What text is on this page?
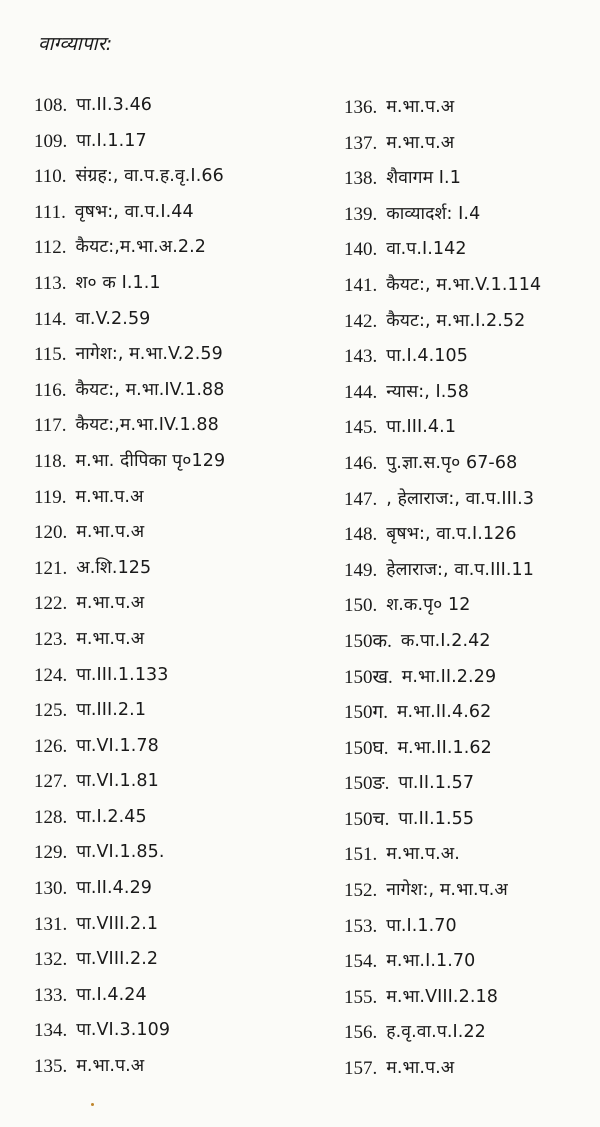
वाग्व्यापार:
108. पा.II.3.46
109. पा.I.1.17
110. संग्रह:, वा.प.ह.वृ.I.66
111. वृषभ:, वा.प.I.44
112. कैयट:,म.भा.अ.2.2
113. श० क I.1.1
114. वा.V.2.59
115. नागेश:, म.भा.V.2.59
116. कैयट:, म.भा.IV.1.88
117. कैयट:,म.भा.IV.1.88
118. म.भा. दीपिका पृ०129
119. म.भा.प.अ
120. म.भा.प.अ
121. अ.शि.125
122. म.भा.प.अ
123. म.भा.प.अ
124. पा.III.1.133
125. पा.III.2.1
126. पा.VI.1.78
127. पा.VI.1.81
128. पा.I.2.45
129. पा.VI.1.85.
130. पा.II.4.29
131. पा.VIII.2.1
132. पा.VIII.2.2
133. पा.I.4.24
134. पा.VI.3.109
135. म.भा.प.अ
136. म.भा.प.अ
137. म.भा.प.अ
138. शैवागम I.1
139. काव्यादर्श: I.4
140. वा.प.I.142
141. कैयट:, म.भा.V.1.114
142. कैयट:, म.भा.I.2.52
143. पा.I.4.105
144. न्यास:, I.58
145. पा.III.4.1
146. पु.ज्ञा.स.पृ० 67-68
147. , हेलाराज:, वा.प.III.3
148. बृषभ:, वा.प.I.126
149. हेलाराज:, वा.प.III.11
150. श.क.पृ० 12
150क. क.पा.I.2.42
150ख. म.भा.II.2.29
150ग. म.भा.II.4.62
150घ. म.भा.II.1.62
150ङ. पा.II.1.57
150च. पा.II.1.55
151. म.भा.प.अ.
152. नागेश:, म.भा.प.अ
153. पा.I.1.70
154. म.भा.I.1.70
155. म.भा.VIII.2.18
156. ह.वृ.वा.प.I.22
157. म.भा.प.अ
